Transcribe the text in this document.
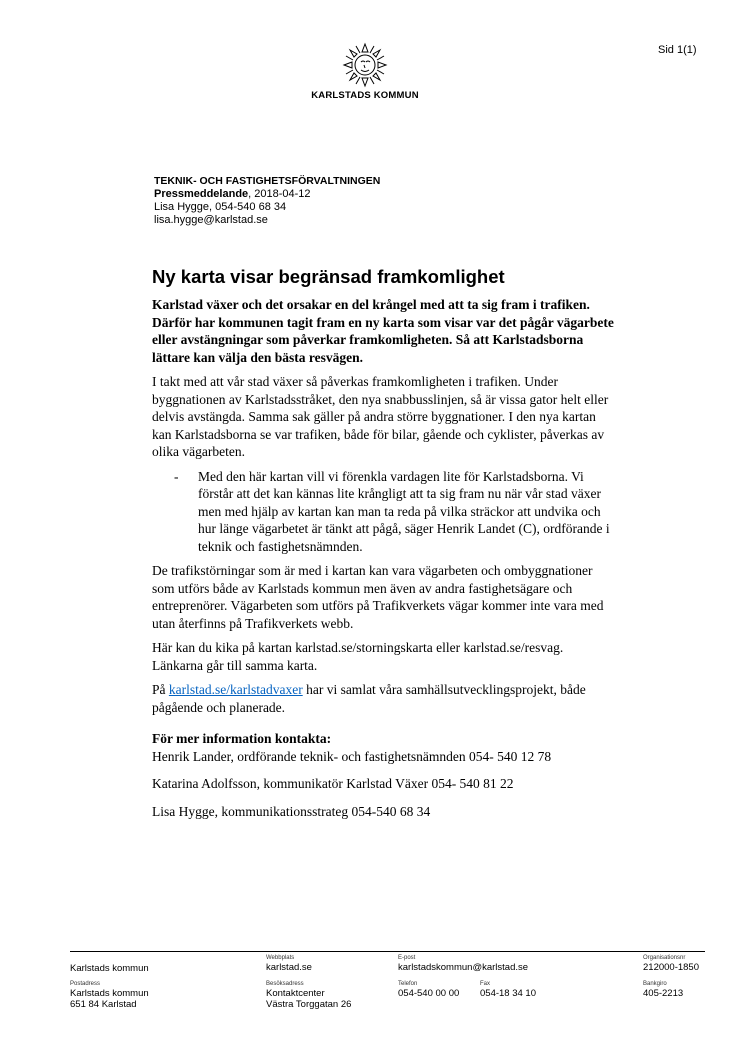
Sid 1(1)
KARLSTADS KOMMUN
TEKNIK- OCH FASTIGHETSFÖRVALTNINGEN
Pressmeddelande, 2018-04-12
Lisa Hygge, 054-540 68 34
lisa.hygge@karlstad.se
Ny karta visar begränsad framkomlighet

Karlstad växer och det orsakar en del krångel med att ta sig fram i trafiken. Därför har kommunen tagit fram en ny karta som visar var det pågår vägarbete eller avstängningar som påverkar framkomligheten. Så att Karlstadsborna lättare kan välja den bästa resvägen.

I takt med att vår stad växer så påverkas framkomligheten i trafiken. Under byggnationen av Karlstadsstråket, den nya snabbusslinjen, så är vissa gator helt eller delvis avstängda. Samma sak gäller på andra större byggnationer. I den nya kartan kan Karlstadsborna se var trafiken, både för bilar, gående och cyklister, påverkas av olika vägarbeten.

-	Med den här kartan vill vi förenkla vardagen lite för Karlstadsborna. Vi förstår att det kan kännas lite krångligt att ta sig fram nu när vår stad växer men med hjälp av kartan kan man ta reda på vilka sträckor att undvika och hur länge vägarbetet är tänkt att pågå, säger Henrik Landet (C), ordförande i teknik och fastighetsnämnden.

De trafikstörningar som är med i kartan kan vara vägarbeten och ombyggnationer som utförs både av Karlstads kommun men även av andra fastighetsägare och entreprenörer. Vägarbeten som utförs på Trafikverkets vägar kommer inte vara med utan återfinns på Trafikverkets webb.

Här kan du kika på kartan karlstad.se/storningskarta eller karlstad.se/resvag. Länkarna går till samma karta.

På karlstad.se/karlstadvaxer har vi samlat våra samhällsutvecklingsprojekt, både pågående och planerade.

För mer information kontakta:

Henrik Lander, ordförande teknik- och fastighetsnämnden 054- 540 12 78

Katarina Adolfsson, kommunikatör Karlstad Växer 054- 540 81 22

Lisa Hygge, kommunikationsstrateg 054-540 68 34

Karlstads kommun
Webbplats
karlstad.se
E-post
karlstadskommun@karlstad.se
Organisationsnr
212000-1850
Postadress
Karlstads kommun
651 84 Karlstad
Besöksadress
Kontaktcenter
Västra Torggatan 26
Telefon
054-540 00 00
Fax
054-18 34 10
Bankgiro
405-2213
